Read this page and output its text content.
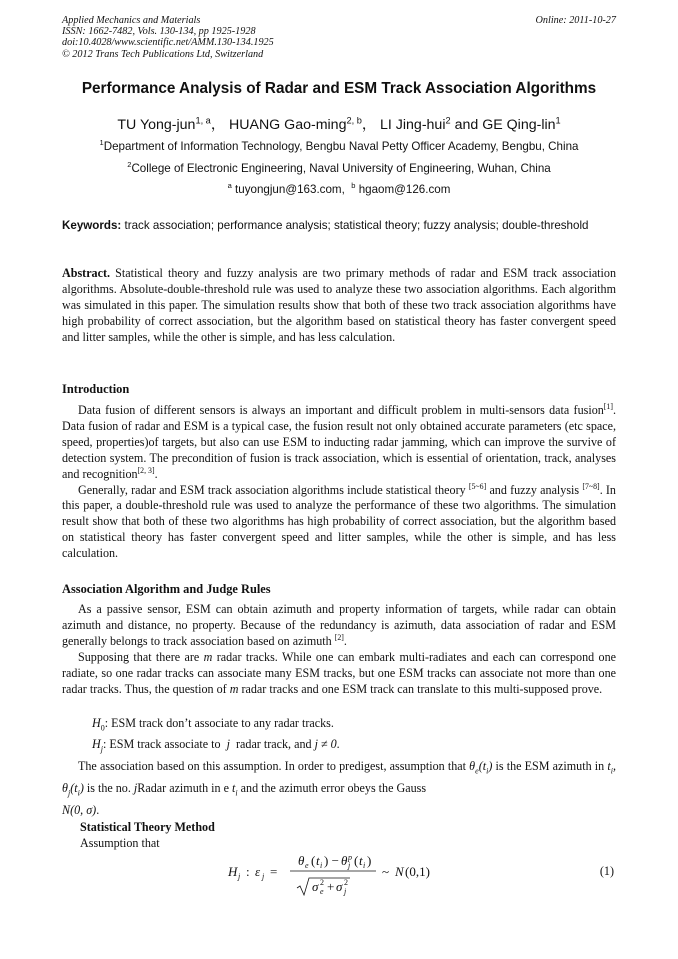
Applied Mechanics and Materials
ISSN: 1662-7482, Vols. 130-134, pp 1925-1928
doi:10.4028/www.scientific.net/AMM.130-134.1925
© 2012 Trans Tech Publications Ltd, Switzerland
Online: 2011-10-27
Performance Analysis of Radar and ESM Track Association Algorithms
TU Yong-jun$^{1, a}$， HUANG Gao-ming$^{2, b}$， LI Jing-hui$^2$ and GE Qing-lin$^1$
$^1$Department of Information Technology, Bengbu Naval Petty Officer Academy, Bengbu, China
$^2$College of Electronic Engineering, Naval University of Engineering, Wuhan, China
$^a$ tuyongjun@163.com, $^b$ hgaom@126.com
Keywords: track association; performance analysis; statistical theory; fuzzy analysis; double-threshold
Abstract. Statistical theory and fuzzy analysis are two primary methods of radar and ESM track association algorithms. Absolute-double-threshold rule was used to analyze these two association algorithms. Each algorithm was simulated in this paper. The simulation results show that both of these two track association algorithms have high probability of correct association, but the algorithm based on statistical theory has faster convergent speed and litter samples, while the other is simple, and has less calculation.
Introduction

Data fusion of different sensors is always an important and difficult problem in multi-sensors data fusion[1]. Data fusion of radar and ESM is a typical case, the fusion result not only obtained accurate parameters (etc space, speed, properties)of targets, but also can use ESM to inducting radar jamming, which can improve the survive of detection system. The precondition of fusion is track association, which is essential of orientation, track, analyses and recognition[2, 3].

Generally, radar and ESM track association algorithms include statistical theory [5~6] and fuzzy analysis [7~8]. In this paper, a double-threshold rule was used to analyze the performance of these two algorithms. The simulation result show that both of these two algorithms has high probability of correct association, but the algorithm based on statistical theory has faster convergent speed and litter samples, while the other is simple, and has less calculation.

Association Algorithm and Judge Rules

As a passive sensor, ESM can obtain azimuth and property information of targets, while radar can obtain azimuth and distance, no property. Because of the redundancy is azimuth, data association of radar and ESM generally belongs to track association based on azimuth [2].

Supposing that there are m radar tracks. While one can embark multi-radiates and each can correspond one radiate, so one radar tracks can associate many ESM tracks, but one ESM tracks can associate not more than one radar tracks. Thus, the question of m radar tracks and one ESM track can translate to this multi-supposed prove.

$H_0$: ESM track don’t associate to any radar tracks.
$H_j$: ESM track associate to j radar track, and j ≠ 0.
The association based on this assumption. In order to predigest, assumption that $\theta_e(t_i)$ is the ESM azimuth in $t_i$, $\theta_j(t_i)$ is the no. jRadar azimuth in e $t_i$ and the azimuth error obeys the Gauss
N(0, σ).
Statistical Theory Method
Assumption that
H j : ε j =
θ e ( t i ) − θ p
j ( t i )
σ 2
e + σ 2
j
~ N (0,1)	(1)
